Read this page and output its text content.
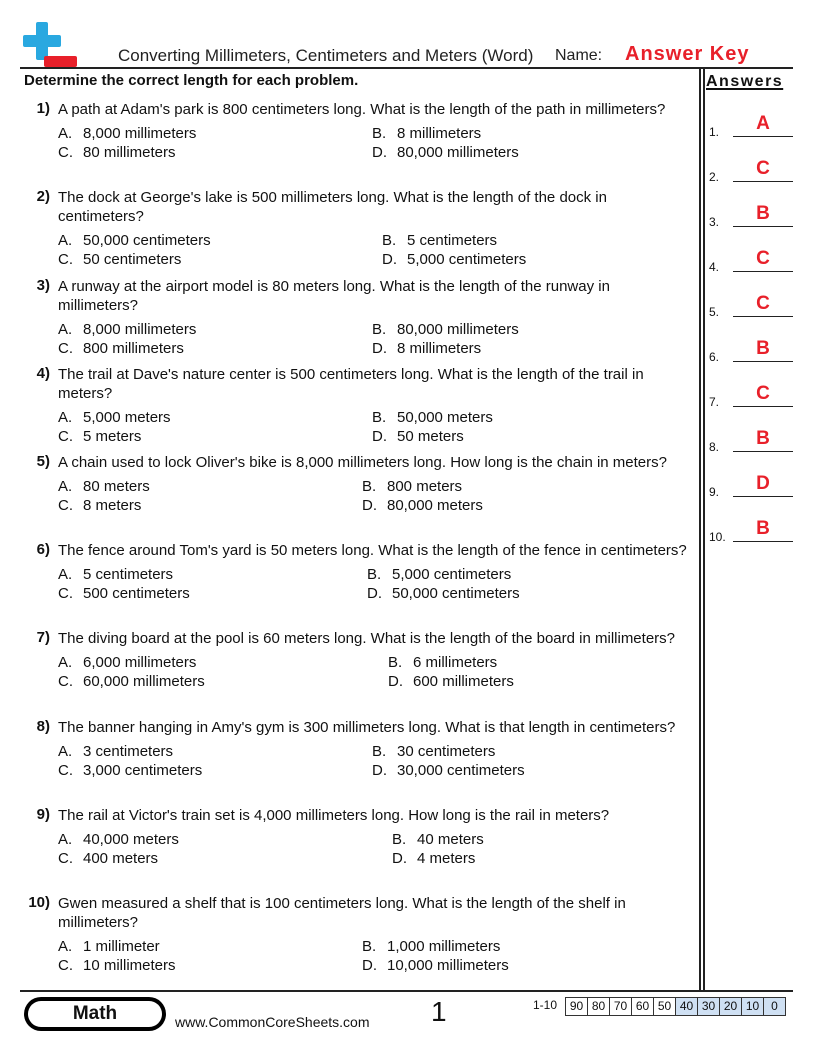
Converting Millimeters, Centimeters and Meters (Word) Name: Answer Key
Determine the correct length for each problem.
1) A path at Adam's park is 800 centimeters long. What is the length of the path in millimeters?
A. 8,000 millimeters	B. 8 millimeters
C. 80 millimeters	D. 80,000 millimeters
2) The dock at George's lake is 500 millimeters long. What is the length of the dock in centimeters?
A. 50,000 centimeters	B. 5 centimeters
C. 50 centimeters	D. 5,000 centimeters
3) A runway at the airport model is 80 meters long. What is the length of the runway in millimeters?
A. 8,000 millimeters	B. 80,000 millimeters
C. 800 millimeters	D. 8 millimeters
4) The trail at Dave's nature center is 500 centimeters long. What is the length of the trail in meters?
A. 5,000 meters	B. 50,000 meters
C. 5 meters	D. 50 meters
5) A chain used to lock Oliver's bike is 8,000 millimeters long. How long is the chain in meters?
A. 80 meters	B. 800 meters
C. 8 meters	D. 80,000 meters
6) The fence around Tom's yard is 50 meters long. What is the length of the fence in centimeters?
A. 5 centimeters	B. 5,000 centimeters
C. 500 centimeters	D. 50,000 centimeters
7) The diving board at the pool is 60 meters long. What is the length of the board in millimeters?
A. 6,000 millimeters	B. 6 millimeters
C. 60,000 millimeters	D. 600 millimeters
8) The banner hanging in Amy's gym is 300 millimeters long. What is that length in centimeters?
A. 3 centimeters	B. 30 centimeters
C. 3,000 centimeters	D. 30,000 centimeters
9) The rail at Victor's train set is 4,000 millimeters long. How long is the rail in meters?
A. 40,000 meters	B. 40 meters
C. 400 meters	D. 4 meters
10) Gwen measured a shelf that is 100 centimeters long. What is the length of the shelf in millimeters?
A. 1 millimeter	B. 1,000 millimeters
C. 10 millimeters	D. 10,000 millimeters
Answers
1.	A
2.	C
3.	B
4.	C
5.	C
6.	B
7.	C
8.	B
9.	D
10.	B
Math	www.CommonCoreSheets.com 1	1-10	90 80 70 60 50 40 30 20 10 0
